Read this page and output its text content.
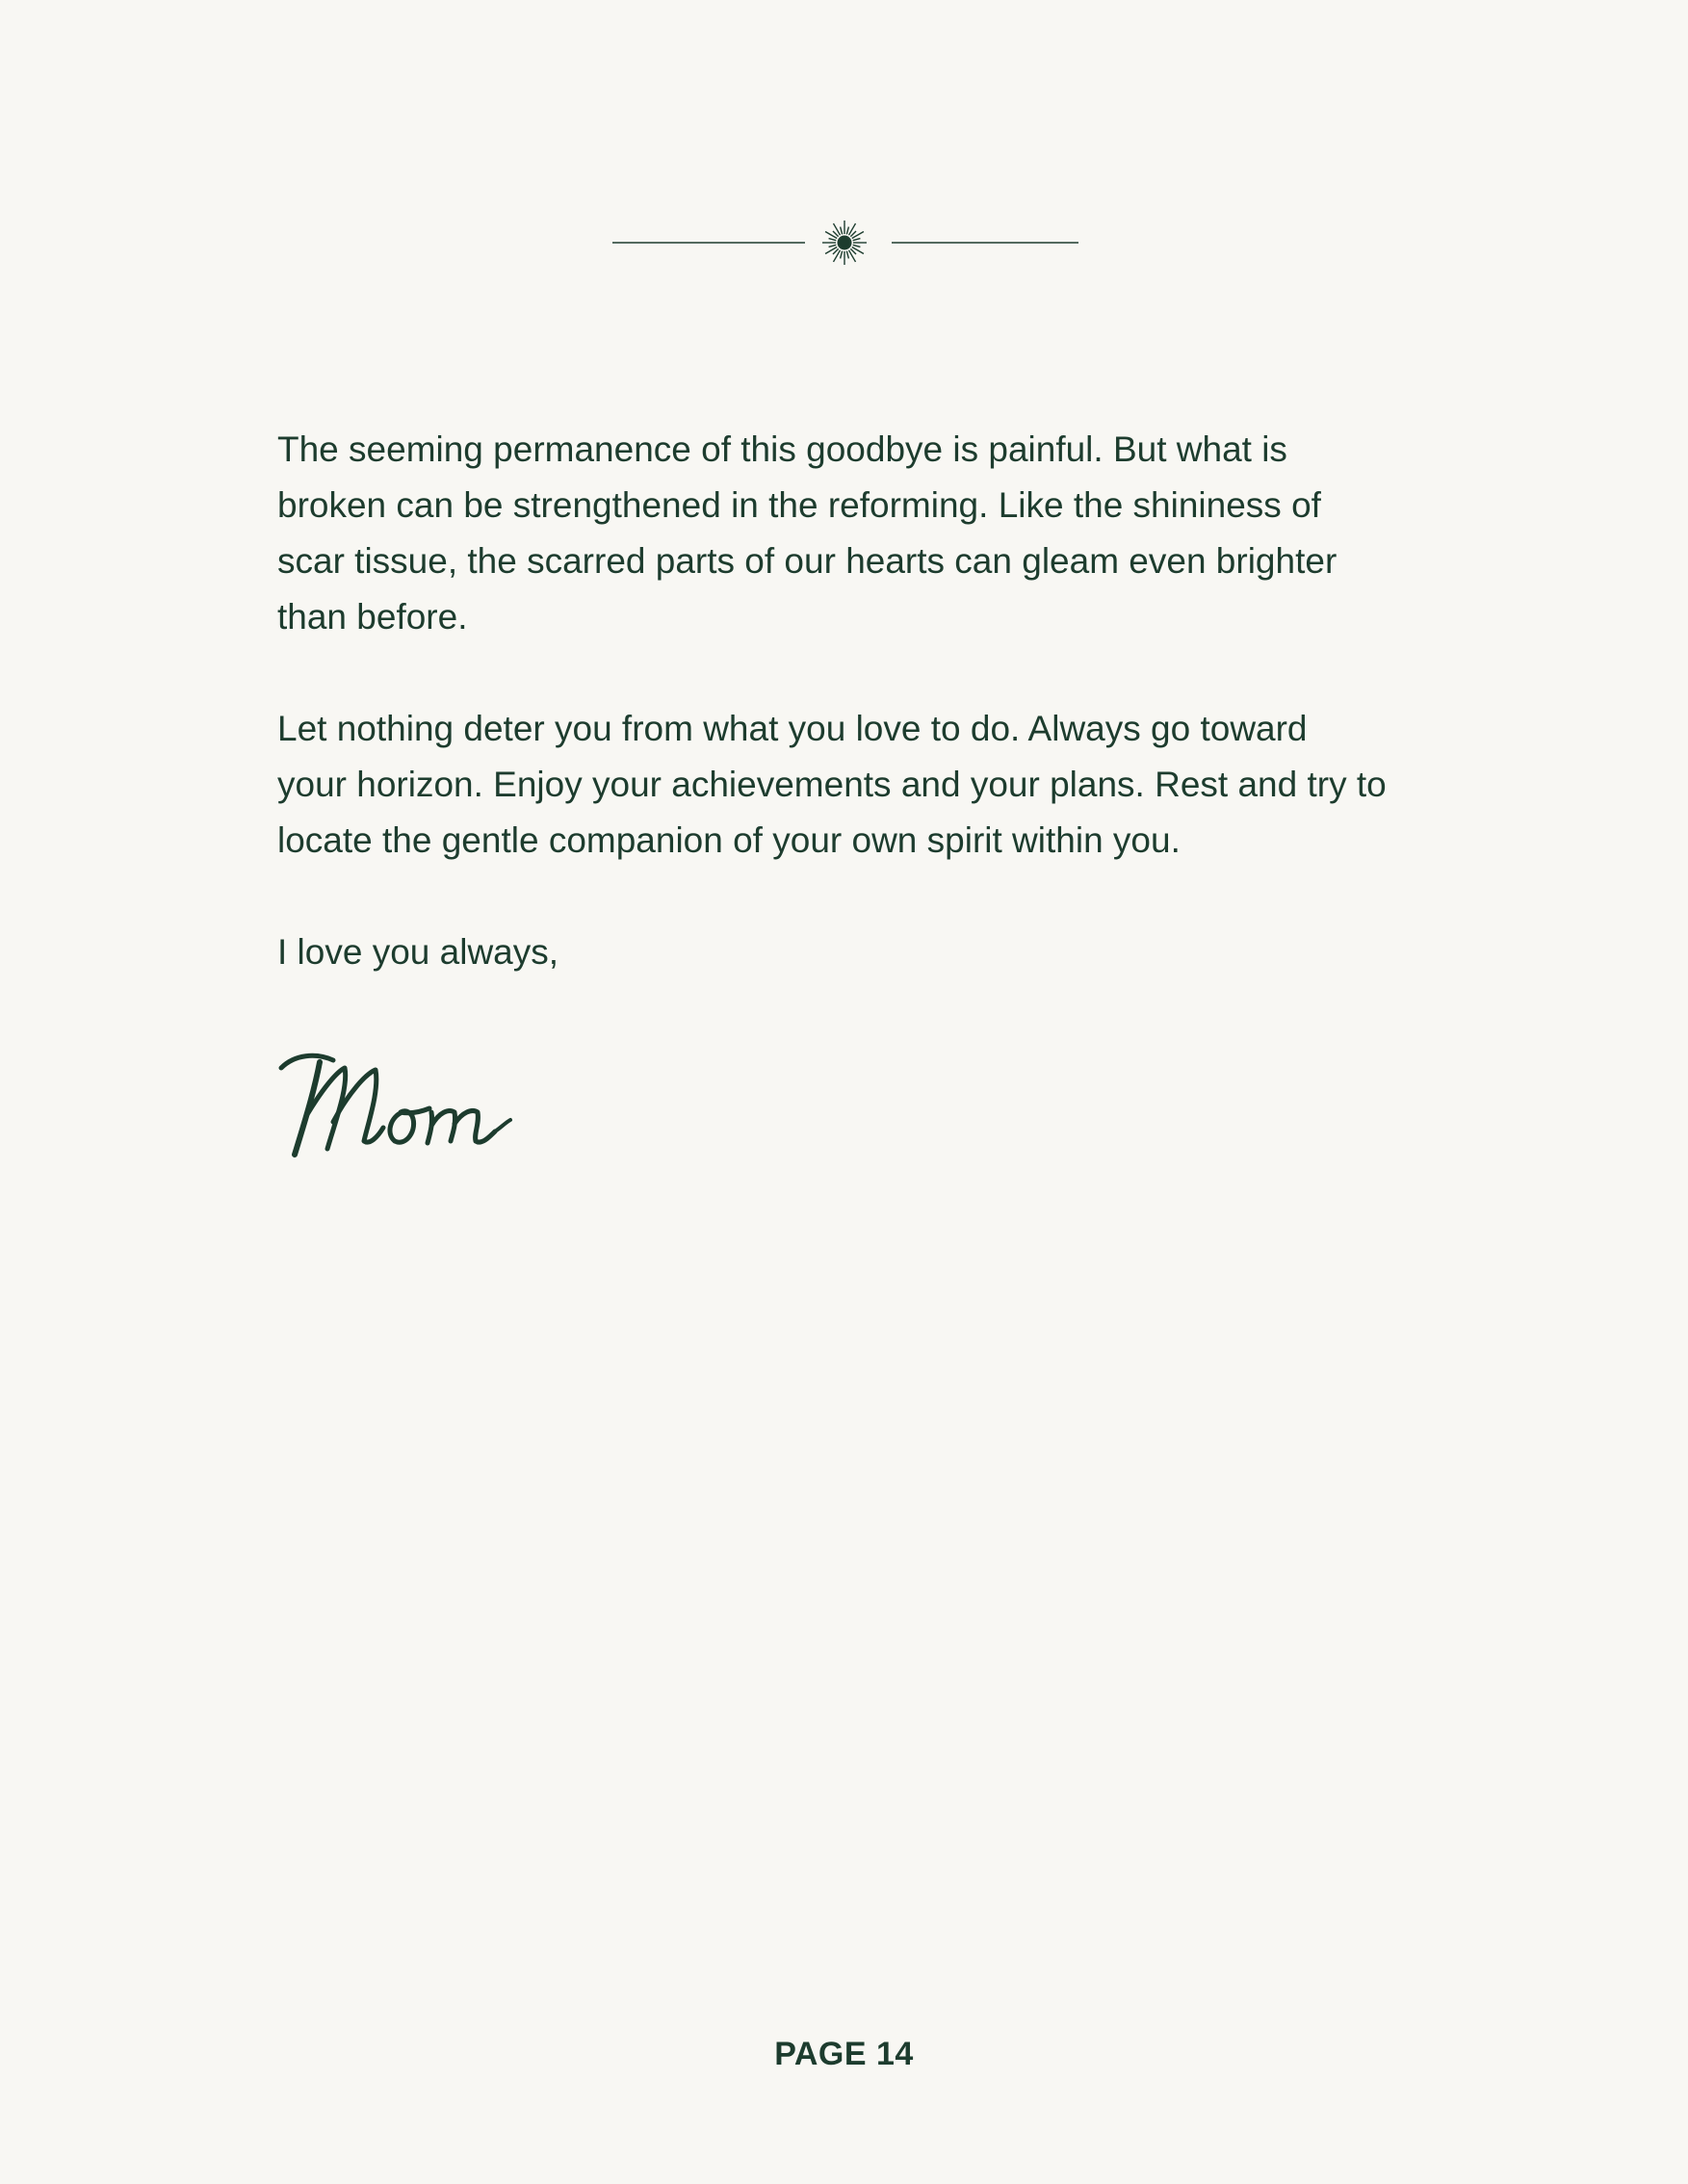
The seeming permanence of this goodbye is painful. But what is
broken can be strengthened in the reforming. Like the shininess of
scar tissue, the scarred parts of our hearts can gleam even brighter
than before.

Let nothing deter you from what you love to do. Always go toward
your horizon. Enjoy your achievements and your plans. Rest and try to
locate the gentle companion of your own spirit within you.

I love you always,

PAGE 14
